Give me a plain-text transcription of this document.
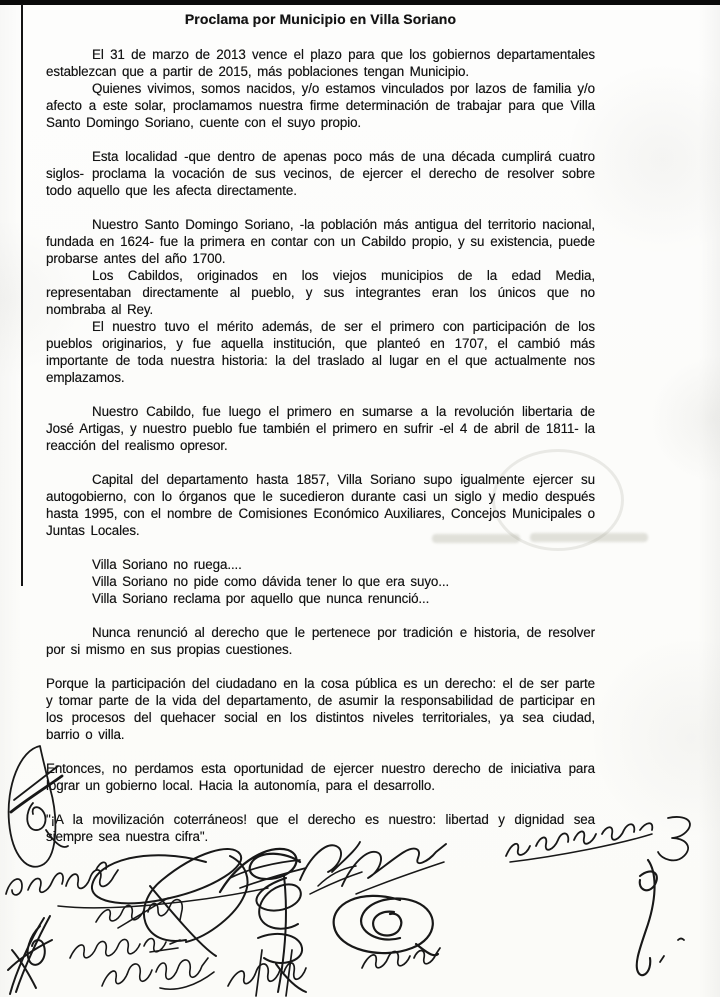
Proclama por Municipio en Villa Soriano

El 31 de marzo de 2013 vence el plazo para que los gobiernos departamentales establezcan que a partir de 2015, más poblaciones tengan Municipio.

Quienes vivimos, somos nacidos, y/o estamos vinculados por lazos de familia y/o afecto a este solar, proclamamos nuestra firme determinación de trabajar para que Villa Santo Domingo Soriano, cuente con el suyo propio.

Esta localidad -que dentro de apenas poco más de una década cumplirá cuatro siglos- proclama la vocación de sus vecinos, de ejercer el derecho de resolver sobre todo aquello que les afecta directamente.

Nuestro Santo Domingo Soriano, -la población más antigua del territorio nacional, fundada en 1624- fue la primera en contar con un Cabildo propio, y su existencia, puede probarse antes del año 1700.

Los Cabildos, originados en los viejos municipios de la edad Media, representaban directamente al pueblo, y sus integrantes eran los únicos que no nombraba al Rey.

El nuestro tuvo el mérito además, de ser el primero con participación de los pueblos originarios, y fue aquella institución, que planteó en 1707, el cambió más importante de toda nuestra historia: la del traslado al lugar en el que actualmente nos emplazamos.

Nuestro Cabildo, fue luego el primero en sumarse a la revolución libertaria de José Artigas, y nuestro pueblo fue también el primero en sufrir -el 4 de abril de 1811- la reacción del realismo opresor.

Capital del departamento hasta 1857, Villa Soriano supo igualmente ejercer su autogobierno, con lo órganos que le sucedieron durante casi un siglo y medio después hasta 1995, con el nombre de Comisiones Económico Auxiliares, Concejos Municipales o Juntas Locales.

Villa Soriano no ruega....

Villa Soriano no pide como dávida tener lo que era suyo...

Villa Soriano reclama por aquello que nunca renunció...

Nunca renunció al derecho que le pertenece por tradición e historia, de resolver por si mismo en sus propias cuestiones.

Porque la participación del ciudadano en la cosa pública es un derecho: el de ser parte y tomar parte de la vida del departamento, de asumir la responsabilidad de participar en los procesos del quehacer social en los distintos niveles territoriales, ya sea ciudad, barrio o villa.

Entonces, no perdamos esta oportunidad de ejercer nuestro derecho de iniciativa para lograr un gobierno local. Hacia la autonomía, para el desarrollo.

"¡A la movilización coterráneos! que el derecho es nuestro: libertad y dignidad sea siempre sea nuestra cifra".
